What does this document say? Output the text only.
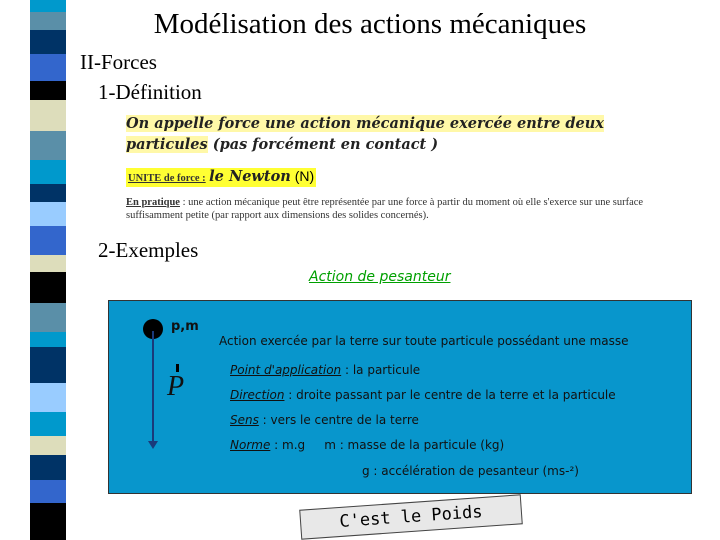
Modélisation des actions mécaniques
II-Forces
1-Définition
On appelle force une action mécanique exercée entre deux particules (pas forcément en contact )
UNITE de force : le Newton (N)
En pratique : une action mécanique peut être représentée par une force à partir du moment où elle s'exerce sur une surface suffisamment petite (par rapport aux dimensions des solides concernés).
2-Exemples
Action de pesanteur
p,m
P
Action exercée par la terre sur toute particule possédant une masse
Point d'application : la particule
Direction : droite passant par le centre de la terre et la particule
Sens : vers le centre de la terre
Norme : m.g     m : masse de la particule (kg)
g : accélération de pesanteur (ms-²)
C'est le Poids
